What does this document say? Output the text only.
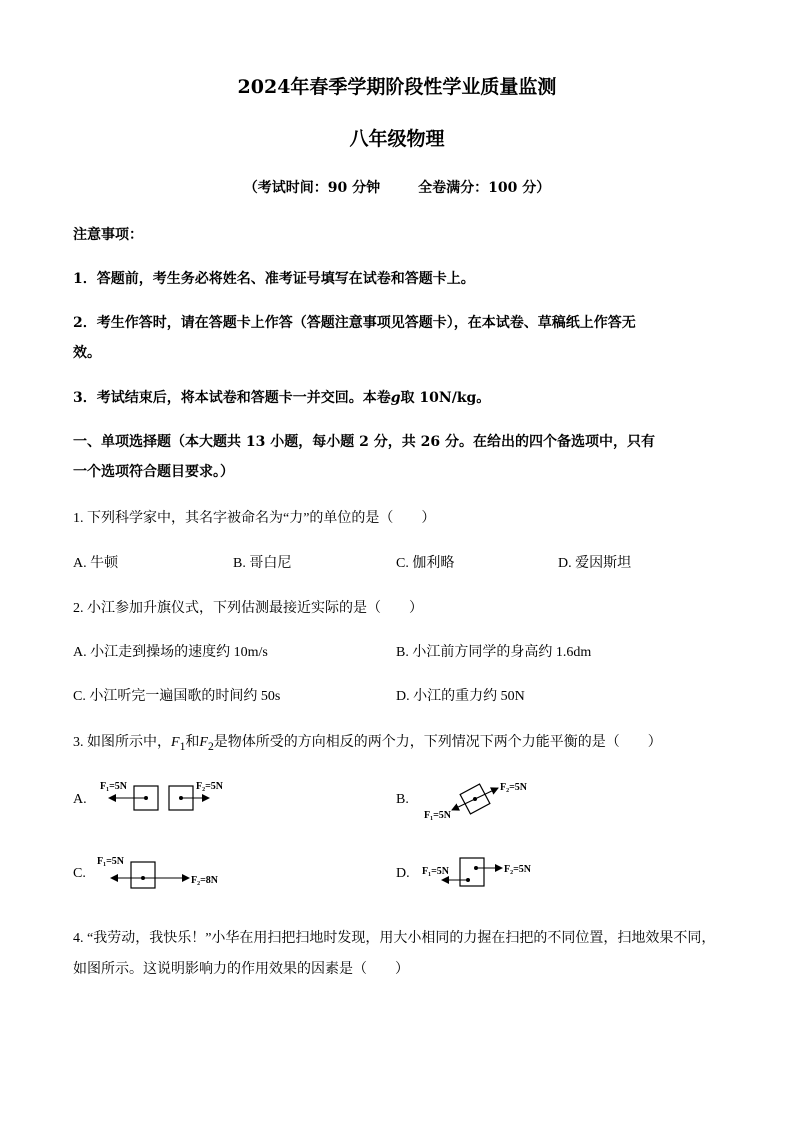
2024年春季学期阶段性学业质量监测
八年级物理
（考试时间：90 分钟	全卷满分：100 分）
注意事项：
1．答题前，考生务必将姓名、准考证号填写在试卷和答题卡上。
2．考生作答时，请在答题卡上作答（答题注意事项见答题卡），在本试卷、草稿纸上作答无
效。
3．考试结束后，将本试卷和答题卡一并交回。本卷g取 10N/kg。
一、单项选择题（本大题共 13 小题，每小题 2 分，共 26 分。在给出的四个备选项中，只有
一个选项符合题目要求。）
1. 下列科学家中，其名字被命名为“力”的单位的是（　　）
A. 牛顿	B. 哥白尼	C. 伽利略	D. 爱因斯坦
2. 小江参加升旗仪式，下列估测最接近实际的是（　　）
A. 小江走到操场的速度约 10m/s	B. 小江前方同学的身高约 1.6dm
C. 小江听完一遍国歌的时间约 50s	D. 小江的重力约 50N
3. 如图所示中，$F_1$和$F_2$是物体所受的方向相反的两个力，下列情况下两个力能平衡的是（　　）
A.
F₁=5N	F₂=5N
B.
F₂=5N
F₁=5N
C.
F₁=5N
F₂=8N	D. F₁=5N	F₂=5N
4. “我劳动，我快乐！”小华在用扫把扫地时发现，用大小相同的力握在扫把的不同位置，扫地效果不同，
如图所示。这说明影响力的作用效果的因素是（　　）
